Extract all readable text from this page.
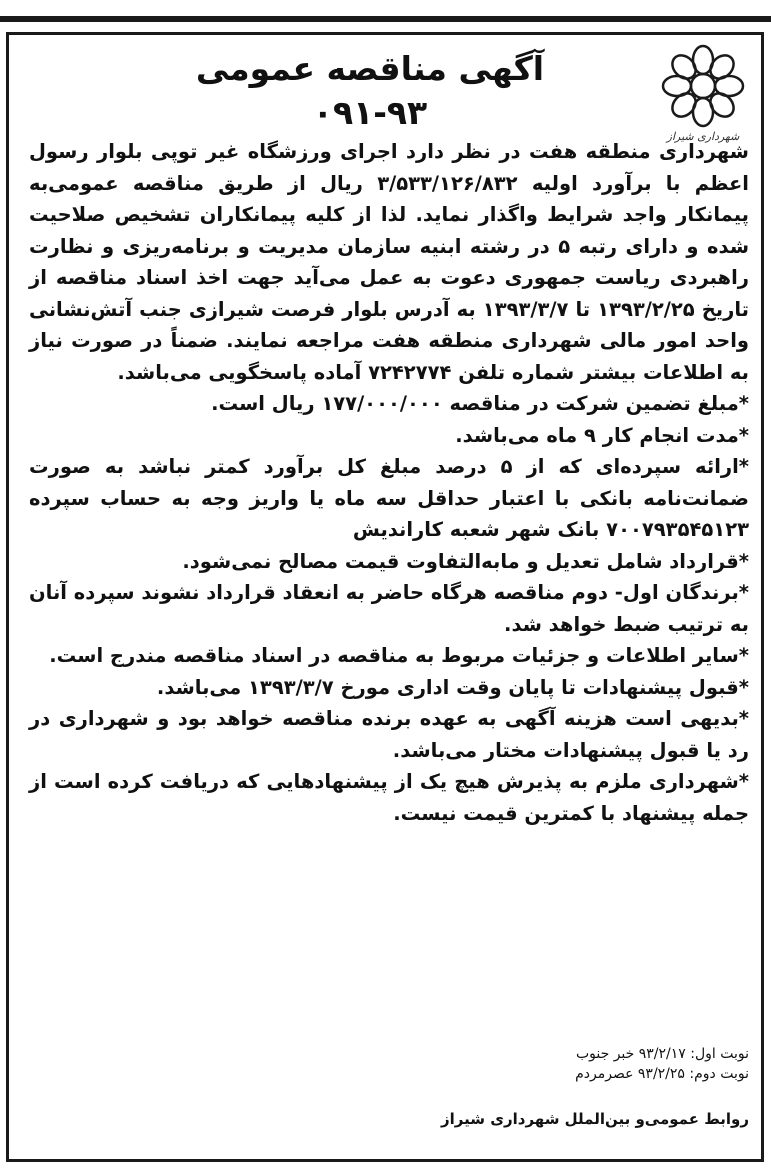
شهرداری شیراز
آگهی مناقصه عمومی
۰۹۱-۹۳

شهرداری منطقه هفت در نظر دارد اجرای ورزشگاه غیر توپی بلوار رسول اعظم با برآورد اولیه ۳/۵۳۳/۱۲۶/۸۳۲ ریال از طریق مناقصه عمومی‌به پیمانکار واجد شرایط واگذار نماید. لذا از کلیه پیمانکاران تشخیص صلاحیت شده و دارای رتبه ۵ در رشته ابنیه سازمان مدیریت و برنامه‌ریزی و نظارت راهبردی ریاست جمهوری دعوت به عمل می‌آید جهت اخذ اسناد مناقصه از تاریخ ۱۳۹۳/۲/۲۵ تا ۱۳۹۳/۳/۷ به آدرس بلوار فرصت شیرازی جنب آتش‌نشانی واحد امور مالی شهرداری منطقه هفت مراجعه نمایند. ضمناً در صورت نیاز به اطلاعات بیشتر شماره تلفن ۷۲۴۲۷۷۴ آماده پاسخگویی می‌باشد.

*مبلغ تضمین شرکت در مناقصه ۱۷۷/۰۰۰/۰۰۰ ریال است.

*مدت انجام کار ۹ ماه می‌باشد.

*ارائه سپرده‌ای که از ۵ درصد مبلغ کل برآورد کمتر نباشد به صورت ضمانت‌نامه بانکی با اعتبار حداقل سه ماه یا واریز وجه به حساب سپرده ۷۰۰۷۹۳۵۴۵۱۲۳ بانک شهر شعبه کاراندیش

*قرارداد شامل تعدیل و مابه‌التفاوت قیمت مصالح نمی‌شود.

*برندگان اول- دوم مناقصه هرگاه حاضر به انعقاد قرارداد نشوند سپرده آنان به ترتیب ضبط خواهد شد.

*سایر اطلاعات و جزئیات مربوط به مناقصه در اسناد مناقصه مندرج است.

*قبول پیشنهادات تا پایان وقت اداری مورخ ۱۳۹۳/۳/۷ می‌باشد.

*بدیهی است هزینه آگهی به عهده برنده مناقصه خواهد بود و شهرداری در رد یا قبول پیشنهادات مختار می‌باشد.

*شهرداری ملزم به پذیرش هیچ یک از پیشنهادهایی که دریافت کرده است از جمله پیشنهاد با کمترین قیمت نیست.

نوبت اول: ۹۳/۲/۱۷ خبر جنوب
نوبت دوم: ۹۳/۲/۲۵ عصرمردم
روابط عمومی‌و بین‌الملل شهرداری شیراز
